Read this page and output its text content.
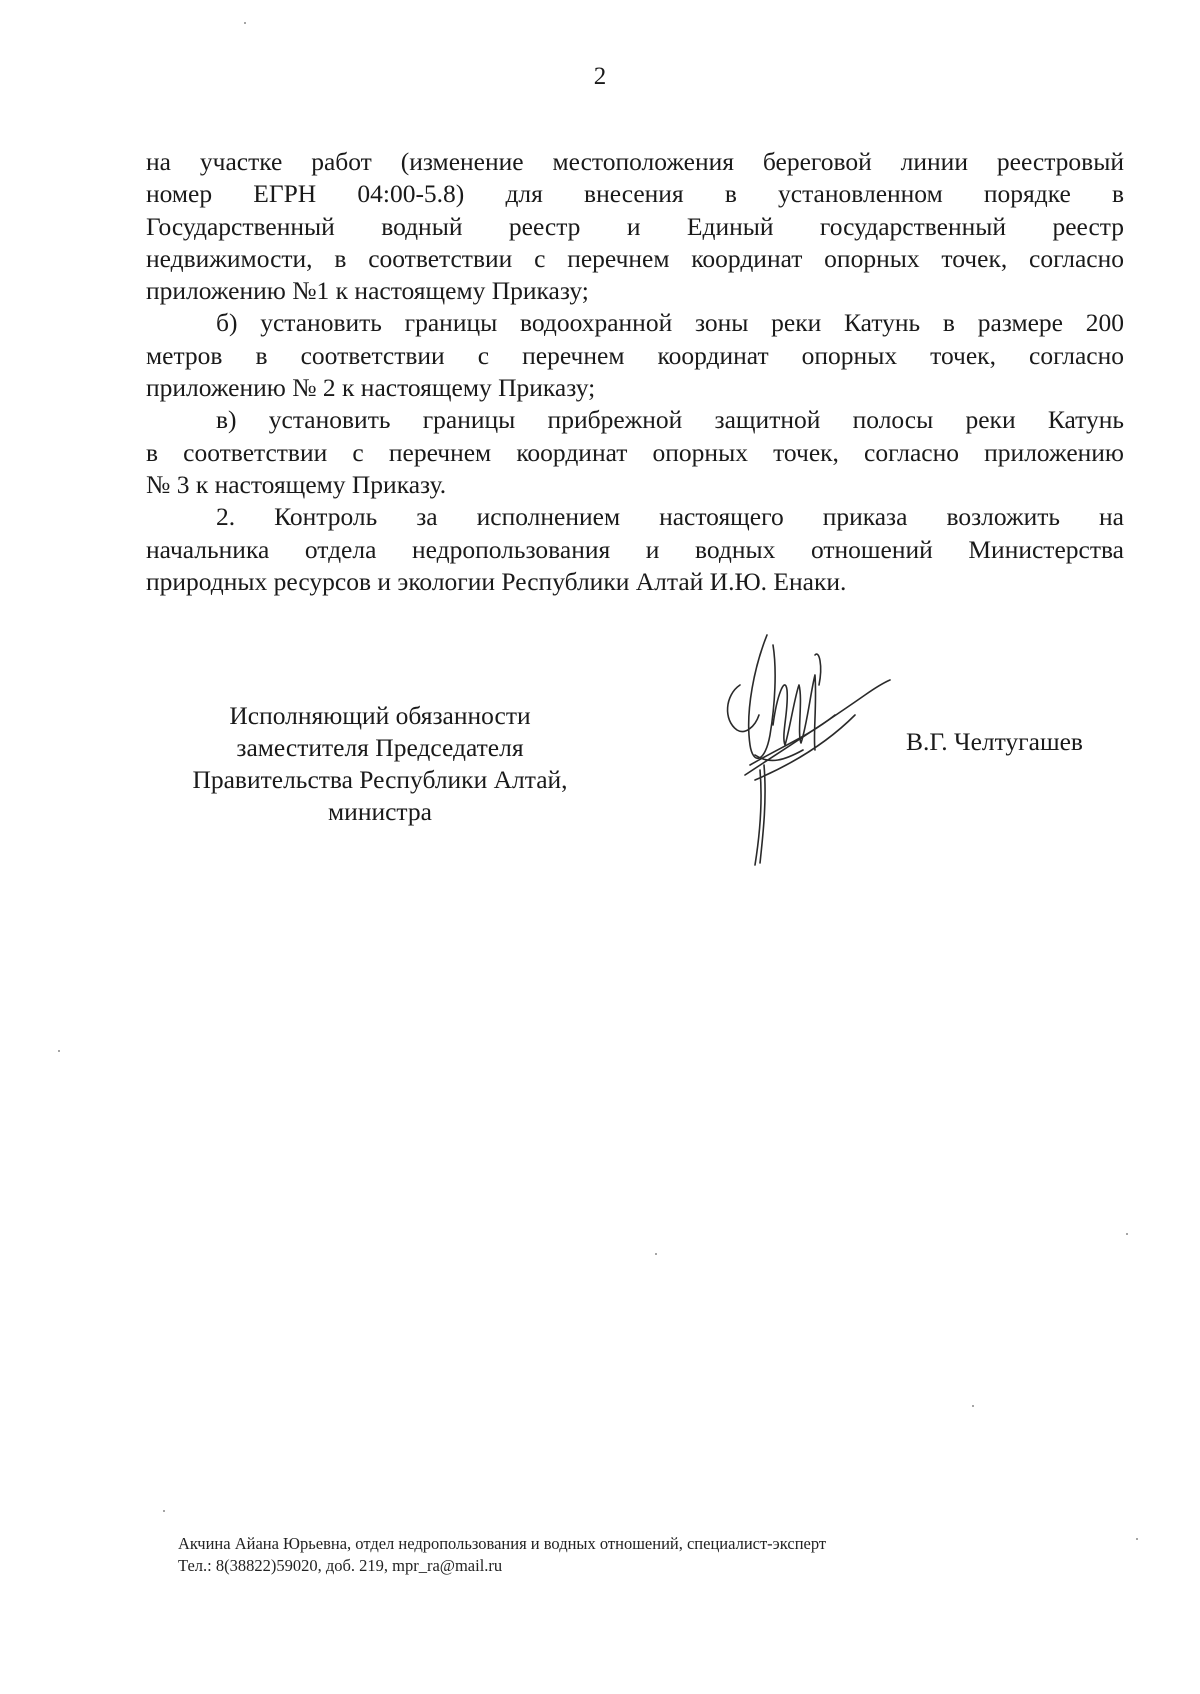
2

на участке работ (изменение местоположения береговой линии реестровый
номер ЕГРН 04:00-5.8) для внесения в установленном порядке в
Государственный водный реестр и Единый государственный реестр
недвижимости, в соответствии с перечнем координат опорных точек, согласно
приложению №1 к настоящему Приказу;

б) установить границы водоохранной зоны реки Катунь в размере 200
метров в соответствии с перечнем координат опорных точек, согласно
приложению № 2 к настоящему Приказу;

в) установить границы прибрежной защитной полосы реки Катунь
в соответствии с перечнем координат опорных точек, согласно приложению
№ 3 к настоящему Приказу.

2. Контроль за исполнением настоящего приказа возложить на
начальника отдела недропользования и водных отношений Министерства
природных ресурсов и экологии Республики Алтай И.Ю. Енаки.

Исполняющий обязанности
заместителя Председателя
Правительства Республики Алтай,
министра
В.Г. Челтугашев
Акчина Айана Юрьевна, отдел недропользования и водных отношений, специалист-эксперт
Тел.: 8(38822)59020, доб. 219, mpr_ra@mail.ru
